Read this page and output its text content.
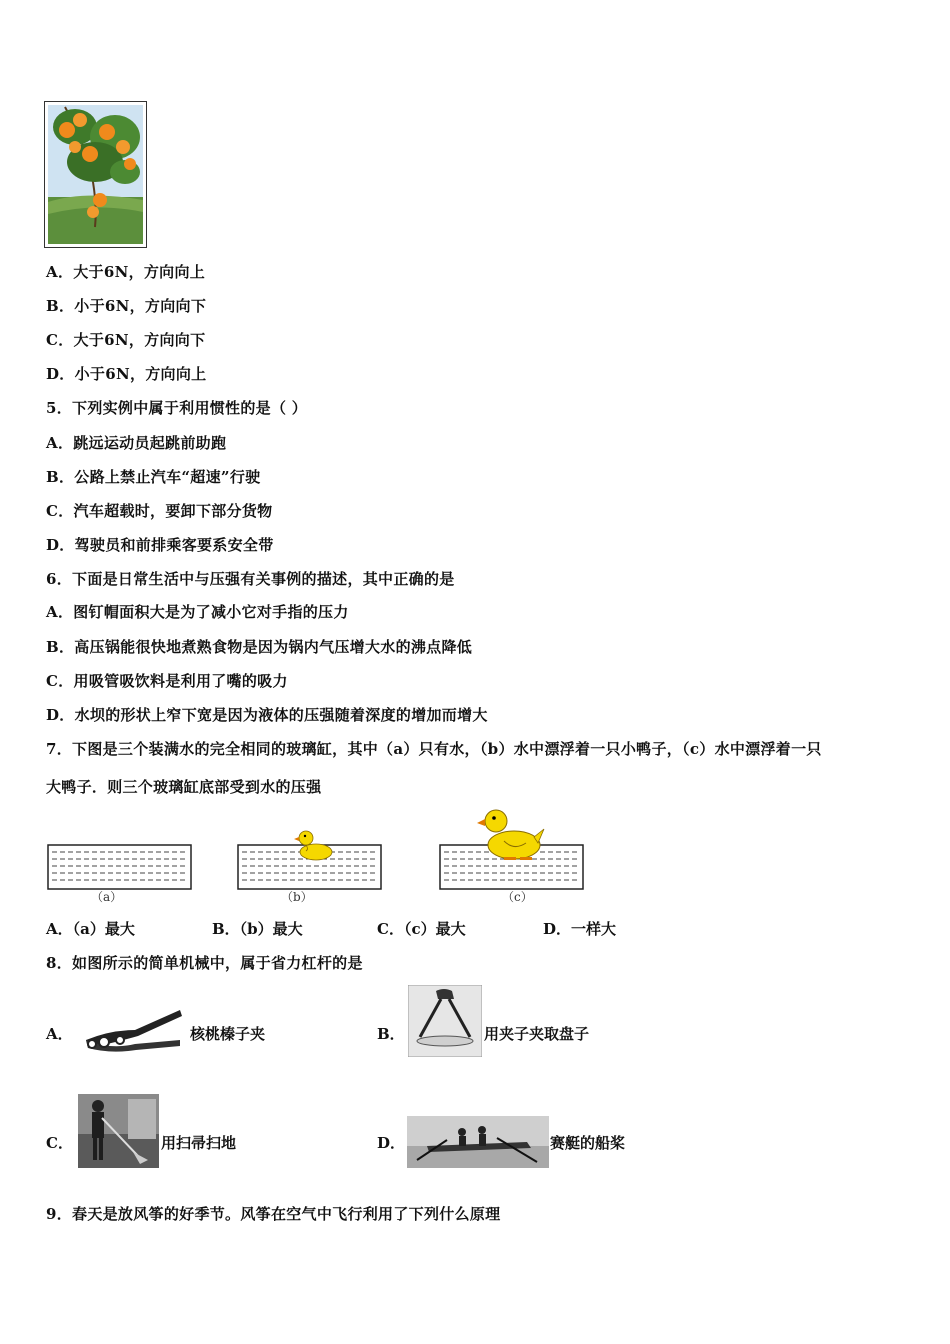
A．大于6N，方向向上
B．小于6N，方向向下
C．大于6N，方向向下
D．小于6N，方向向上
5．下列实例中属于利用惯性的是（ ）
A．跳远运动员起跳前助跑
B．公路上禁止汽车“超速”行驶
C．汽车超载时，要卸下部分货物
D．驾驶员和前排乘客要系安全带
6．下面是日常生活中与压强有关事例的描述，其中正确的是
A．图钉帽面积大是为了减小它对手指的压力
B．高压锅能很快地煮熟食物是因为锅内气压增大水的沸点降低
C．用吸管吸饮料是利用了嘴的吸力
D．水坝的形状上窄下宽是因为液体的压强随着深度的增加而增大
7．下图是三个装满水的完全相同的玻璃缸，其中（a）只有水，（b）水中漂浮着一只小鸭子，（c）水中漂浮着一只
大鸭子．则三个玻璃缸底部受到水的压强
（a）	（b）	（c）
A．（a）最大	B．（b）最大	C．（c）最大	D．一样大
8．如图所示的简单机械中，属于省力杠杆的是
A．	核桃榛子夹	B．	用夹子夹取盘子
C．	用扫帚扫地	D．	赛艇的船桨
9．春天是放风筝的好季节。风筝在空气中飞行利用了下列什么原理
